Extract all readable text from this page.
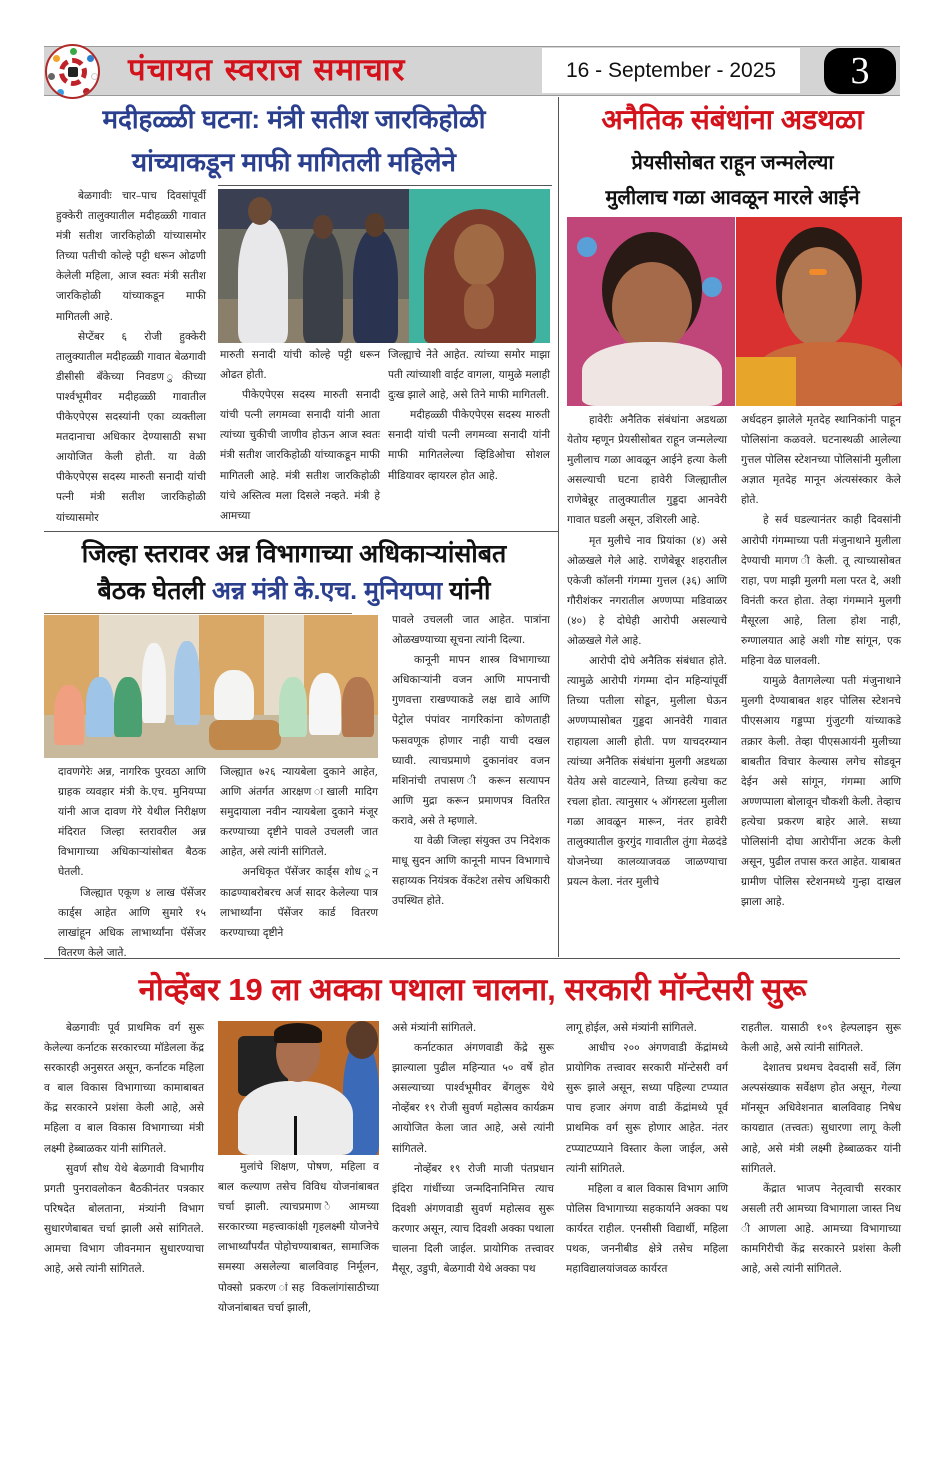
पंचायत स्वराज समाचार	16 - September - 2025	3
मदीहळ्ळी घटना: मंत्री सतीश जारकिहोळी
यांच्याकडून माफी मागितली महिलेने

बेळगावीः चार–पाच दिवसांपूर्वी हुक्केरी तालुक्यातील मदीहळ्ळी गावात मंत्री सतीश जारकिहोळी यांच्यासमोर तिच्या पतीची कोल्हे पट्टी धरून ओढणी केलेली महिला, आज स्वतः मंत्री सतीश जारकिहोळी यांच्याकडून माफी मागितली आहे.

सेप्टेंबर ६ रोजी हुक्केरी तालुक्यातील मदीहळ्ळी गावात बेळगावी डीसीसी बँकेच्या निवडण ुकीच्या पार्श्वभूमीवर मदीहळ्ळी गावातील पीकेएपेएस सदस्यांनी एका व्यक्तीला मतदानाचा अधिकार देण्यासाठी सभा आयोजित केली होती. या वेळी पीकेएपेएस सदस्य मारुती सनादी यांची पत्नी मंत्री सतीश जारकिहोळी यांच्यासमोर

मारुती सनादी यांची कोल्हे पट्टी धरून ओढत होती.

पीकेएपेएस सदस्य मारुती सनादी यांची पत्नी लगमव्वा सनादी यांनी आता त्यांच्या चुकीची जाणीव होऊन आज स्वतः मंत्री सतीश जारकिहोळी यांच्याकडून माफी मागितली आहे. मंत्री सतीश जारकिहोळी यांचे अस्तित्व मला दिसले नव्हते. मंत्री हे आमच्या

जिल्ह्याचे नेते आहेत. त्यांच्या समोर माझा पती त्यांच्याशी वाईट वागला, यामुळे मलाही दुःख झाले आहे, असे तिने माफी मागितली.

मदीहळ्ळी पीकेएपेएस सदस्य मारुती सनादी यांची पत्नी लगमव्वा सनादी यांनी माफी मागितलेल्या व्हिडिओचा सोशल मीडियावर व्हायरल होत आहे.

अनैतिक संबंधांना अडथळा
प्रेयसीसोबत राहून जन्मलेल्या
मुलीलाच गळा आवळून मारले आईने

हावेरीः अनैतिक संबंधांना अडथळा येतोय म्हणून प्रेयसीसोबत राहून जन्मलेल्या मुलीलाच गळा आवळून आईने हत्या केली असल्याची घटना हावेरी जिल्ह्यातील राणेबेन्नूर तालुक्यातील गुड्डदा आनवेरी गावात घडली असून, उशिरली आहे.

मृत मुलीचे नाव प्रियांका (४) असे ओळखले गेले आहे. राणेबेन्नूर शहरातील एकेजी कॉलनी गंगम्मा गुत्तल (३६) आणि गौरीशंकर नगरातील अण्णप्पा मडिवाळर (४०) हे दोघेही आरोपी असल्याचे ओळखले गेले आहे.

आरोपी दोघे अनैतिक संबंधात होते. त्यामुळे आरोपी गंगम्मा दोन महिन्यांपूर्वी तिच्या पतीला सोडून, मुलीला घेऊन अण्णप्पासोबत गुड्डदा आनवेरी गावात राहायला आली होती. पण याचदरम्यान त्यांच्या अनैतिक संबंधांना मुलगी अडथळा येतेय असे वाटल्याने, तिच्या हत्येचा कट रचला होता. त्यानुसार ५ ऑगस्टला मुलीला गळा आवळून मारून, नंतर हावेरी तालुक्यातील कुरगुंद गावातील तुंगा मेळदंडे योजनेच्या कालव्याजवळ जाळण्याचा प्रयत्न केला. नंतर मुलीचे

अर्धदहन झालेले मृतदेह स्थानिकांनी पाहून पोलिसांना कळवले. घटनास्थळी आलेल्या गुत्तल पोलिस स्टेशनच्या पोलिसांनी मुलीला अज्ञात मृतदेह मानून अंत्यसंस्कार केले होते.

हे सर्व घडल्यानंतर काही दिवसांनी आरोपी गंगम्माच्या पती मंजुनाथाने मुलीला देण्याची मागण ी केली. तू त्याच्यासोबत राहा, पण माझी मुलगी मला परत दे, अशी विनंती करत होता. तेव्हा गंगम्माने मुलगी मैसूरला आहे, तिला होश नाही, रुग्णालयात आहे अशी गोष्ट सांगून, एक महिना वेळ घालवली.

यामुळे वैतागलेल्या पती मंजुनाथाने मुलगी देण्याबाबत शहर पोलिस स्टेशनचे पीएसआय गड्डप्पा गुंजुटगी यांच्याकडे तक्रार केली. तेव्हा पीएसआयंनी मुलीच्या बाबतीत विचार केल्यास लगेच सोडवून देईन असे सांगून, गंगम्मा आणि अण्णप्पाला बोलावून चौकशी केली. तेव्हाच हत्येचा प्रकरण बाहेर आले. सध्या पोलिसांनी दोघा आरोपींना अटक केली असून, पुढील तपास करत आहेत. याबाबत ग्रामीण पोलिस स्टेशनमध्ये गुन्हा दाखल झाला आहे.

जिल्हा स्तरावर अन्न विभागाच्या अधिकाऱ्यांसोबत
बैठक घेतली अन्न मंत्री के.एच. मुनियप्पा यांनी

दावणगेरेः अन्न, नागरिक पुरवठा आणि ग्राहक व्यवहार मंत्री के.एच. मुनियप्पा यांनी आज दावण गेरे येथील निरीक्षण मंदिरात जिल्हा स्तरावरील अन्न विभागाच्या अधिकाऱ्यांसोबत बैठक घेतली.

जिल्ह्यात एकूण ४ लाख पॅसेंजर कार्ड्स आहेत आणि सुमारे १५ लाखांहून अधिक लाभार्थ्यांना पॅसेंजर वितरण केले जाते.

जिल्ह्यात ७२६ न्यायबेला दुकाने आहेत, आणि अंतर्गत आरक्षण ाखाली मादिग समुदायाला नवीन न्यायबेला दुकाने मंजूर करण्याच्या दृष्टीने पावले उचलली जात आहेत, असे त्यांनी सांगितले.

अनधिकृत पॅसेंजर कार्ड्स शोध ून काढण्याबरोबरच अर्ज सादर केलेल्या पात्र लाभार्थ्यांना पॅसेंजर कार्ड वितरण करण्याच्या दृष्टीने

पावले उचलली जात आहेत. पात्रांना ओळखण्याच्या सूचना त्यांनी दिल्या.

कानूनी मापन शास्त्र विभागाच्या अधिकाऱ्यांनी वजन आणि मापनाची गुणवत्ता राखण्याकडे लक्ष द्यावे आणि पेट्रोल पंपांवर नागरिकांना कोणताही फसवणूक होणार नाही याची दखल घ्यावी. त्याचप्रमाणे दुकानांवर वजन मशिनांची तपासण ी करून सत्यापन आणि मुद्रा करून प्रमाणपत्र वितरित करावे, असे ते म्हणाले.

या वेळी जिल्हा संयुक्त उप निदेशक माधू सुदन आणि कानूनी मापन विभागाचे सहाय्यक नियंत्रक वेंकटेश तसेच अधिकारी उपस्थित होते.

नोव्हेंबर 19 ला अक्का पथाला चालना, सरकारी मॉन्टेसरी सुरू

बेळगावीः पूर्व प्राथमिक वर्ग सुरू केलेल्या कर्नाटक सरकारच्या मॉडेलला केंद्र सरकारही अनुसरत असून, कर्नाटक महिला व बाल विकास विभागाच्या कामाबाबत केंद्र सरकारने प्रशंसा केली आहे, असे महिला व बाल विकास विभागाच्या मंत्री लक्ष्मी हेब्बाळकर यांनी सांगितले.

सुवर्ण सौध येथे बेळगावी विभागीय प्रगती पुनरावलोकन बैठकीनंतर पत्रकार परिषदेत बोलताना, मंत्र्यांनी विभाग सुधारणेबाबत चर्चा झाली असे सांगितले. आमचा विभाग जीवनमान सुधारण्याचा आहे, असे त्यांनी सांगितले.

मुलांचे शिक्षण, पोषण, महिला व बाल कल्याण तसेच विविध योजनांबाबत चर्चा झाली. त्याचप्रमाण े आमच्या सरकारच्या महत्त्वाकांक्षी गृहलक्ष्मी योजनेचे लाभार्थ्यांपर्यंत पोहोचण्याबाबत, सामाजिक समस्या असलेल्या बालविवाह निर्मूलन, पोक्सो प्रकरण ांसह विकलांगांसाठीच्या योजनांबाबत चर्चा झाली,

असे मंत्र्यांनी सांगितले.

कर्नाटकात अंगणवाडी केंद्रे सुरू झाल्याला पुढील महिन्यात ५० वर्षे होत असल्याच्या पार्श्वभूमीवर बेंगलुरू येथे नोव्हेंबर १९ रोजी सुवर्ण महोत्सव कार्यक्रम आयोजित केला जात आहे, असे त्यांनी सांगितले.

नोव्हेंबर १९ रोजी माजी पंतप्रधान इंदिरा गांधींच्या जन्मदिनानिमित्त त्याच दिवशी अंगणवाडी सुवर्ण महोत्सव सुरू करणार असून, त्याच दिवशी अक्का पथाला चालना दिली जाईल. प्रायोगिक तत्त्वावर मैसूर, उडुपी, बेळगावी येथे अक्का पथ

लागू होईल, असे मंत्र्यांनी सांगितले.

आधीच २०० अंगणवाडी केंद्रांमध्ये प्रायोगिक तत्त्वावर सरकारी मॉन्टेसरी वर्ग सुरू झाले असून, सध्या पहिल्या टप्प्यात पाच हजार अंगण वाडी केंद्रांमध्ये पूर्व प्राथमिक वर्ग सुरू होणार आहेत. नंतर टप्प्याटप्प्याने विस्तार केला जाईल, असे त्यांनी सांगितले.

महिला व बाल विकास विभाग आणि पोलिस विभागाच्या सहकार्याने अक्का पथ कार्यरत राहील. एनसीसी विद्यार्थी, महिला पथक, जननीबीड क्षेत्रे तसेच महिला महाविद्यालयांजवळ कार्यरत

राहतील. यासाठी १०९ हेल्पलाइन सुरू केली आहे, असे त्यांनी सांगितले.

देशातच प्रथमच देवदासी सर्वे, लिंग अल्पसंख्याक सर्वेक्षण होत असून, गेल्या मॉनसून अधिवेशनात बालविवाह निषेध कायद्यात (तत्त्वतः) सुधारणा लागू केली आहे, असे मंत्री लक्ष्मी हेब्बाळकर यांनी सांगितले.

केंद्रात भाजप नेतृत्वाची सरकार असली तरी आमच्या विभागाला जास्त निध ी आणला आहे. आमच्या विभागाच्या कामगिरीची केंद्र सरकारने प्रशंसा केली आहे, असे त्यांनी सांगितले.
